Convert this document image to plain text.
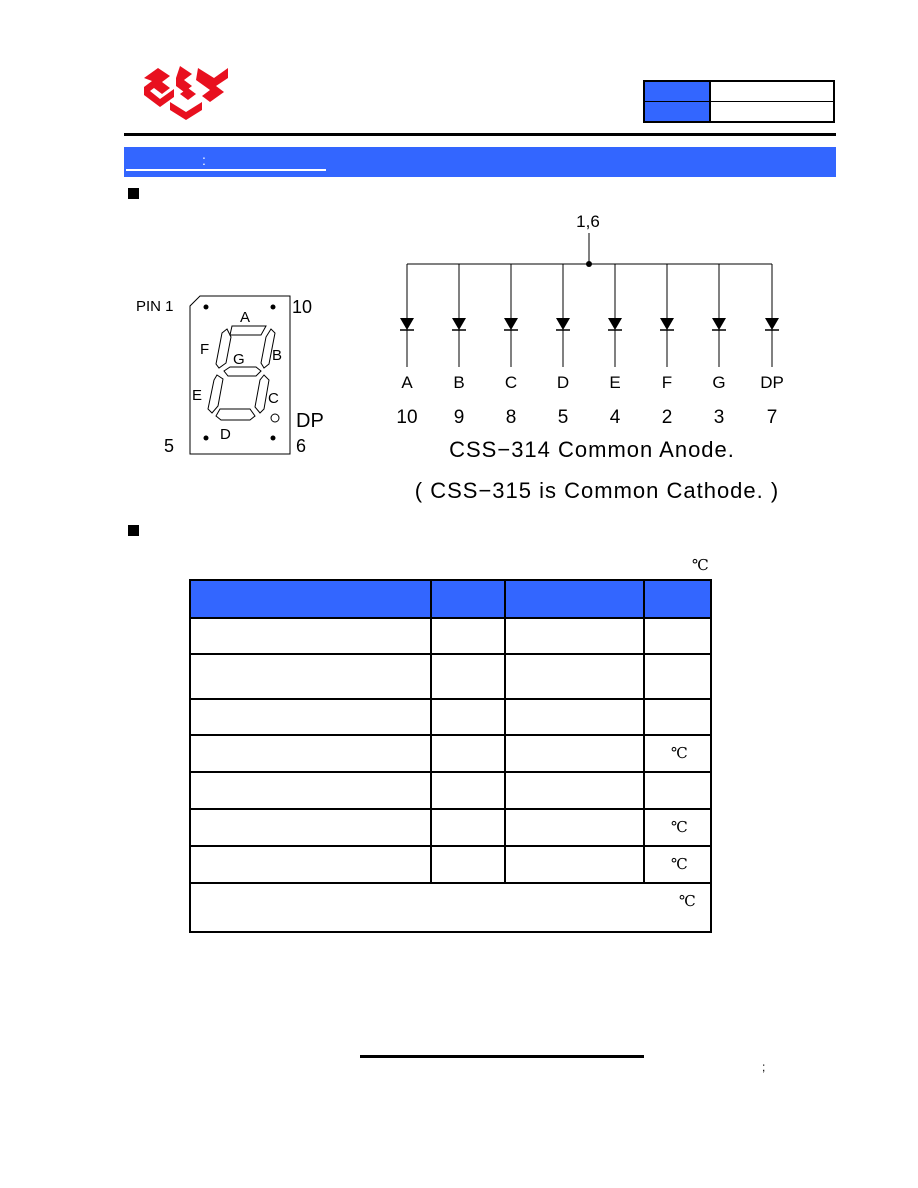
:
PIN 1	10
5	6
DP
A
B
C
D
E
F
G
1,6
A
10
B
9
C
8
D
5
E
4
F
2
G
3
DP
7
CSS−314 Common Anode.
( CSS−315 is Common Cathode. )
℃
℃
℃
℃
℃
;
